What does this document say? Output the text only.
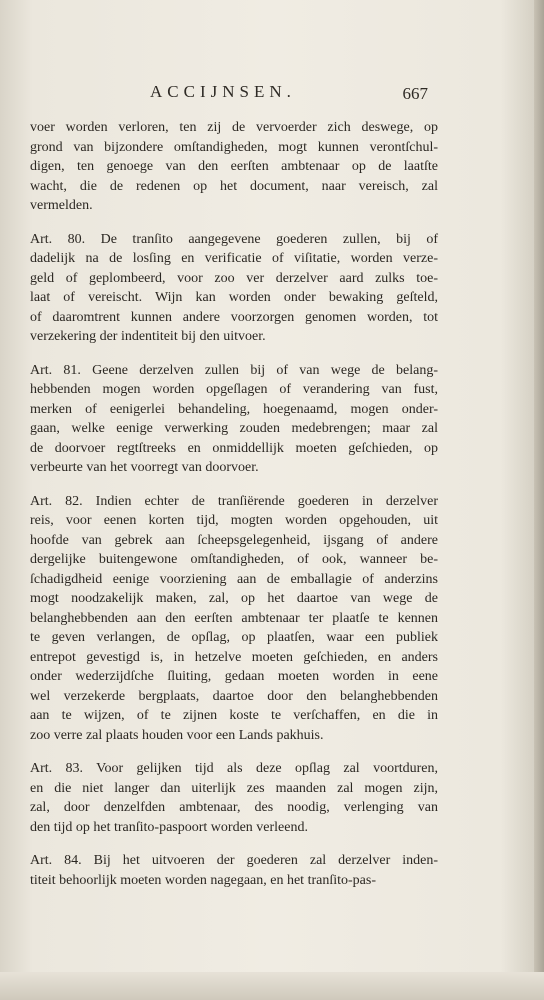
ACCIJNSEN.	667

voer worden verloren, ten zij de vervoerder zich deswege, op
grond van bijzondere omſtandigheden, mogt kunnen verontſchul-
digen, ten genoege van den eerſten ambtenaar op de laatſte
wacht, die de redenen op het document, naar vereisch, zal
vermelden.

Art. 80. De tranſito aangegevene goederen zullen, bij of
dadelijk na de losſing en verificatie of viſitatie, worden verze-
geld of geplombeerd, voor zoo ver derzelver aard zulks toe-
laat of vereischt. Wijn kan worden onder bewaking geſteld,
of daaromtrent kunnen andere voorzorgen genomen worden, tot
verzekering der indentiteit bij den uitvoer.

Art. 81. Geene derzelven zullen bij of van wege de belang-
hebbenden mogen worden opgeſlagen of verandering van fust,
merken of eenigerlei behandeling, hoegenaamd, mogen onder-
gaan, welke eenige verwerking zouden medebrengen; maar zal
de doorvoer regtſtreeks en onmiddellijk moeten geſchieden, op
verbeurte van het voorregt van doorvoer.

Art. 82. Indien echter de tranſiërende goederen in derzelver
reis, voor eenen korten tijd, mogten worden opgehouden, uit
hoofde van gebrek aan ſcheepsgelegenheid, ijsgang of andere
dergelijke buitengewone omſtandigheden, of ook, wanneer be-
ſchadigdheid eenige voorziening aan de emballagie of anderzins
mogt noodzakelijk maken, zal, op het daartoe van wege de
belanghebbenden aan den eerſten ambtenaar ter plaatſe te kennen
te geven verlangen, de opſlag, op plaatſen, waar een publiek
entrepot gevestigd is, in hetzelve moeten geſchieden, en anders
onder wederzijdſche ſluiting, gedaan moeten worden in eene
wel verzekerde bergplaats, daartoe door den belanghebbenden
aan te wijzen, of te zijnen koste te verſchaffen, en die in
zoo verre zal plaats houden voor een Lands pakhuis.

Art. 83. Voor gelijken tijd als deze opſlag zal voortduren,
en die niet langer dan uiterlijk zes maanden zal mogen zijn,
zal, door denzelfden ambtenaar, des noodig, verlenging van
den tijd op het tranſito-paspoort worden verleend.

Art. 84. Bij het uitvoeren der goederen zal derzelver inden-
titeit behoorlijk moeten worden nagegaan, en het tranſito-pas-
